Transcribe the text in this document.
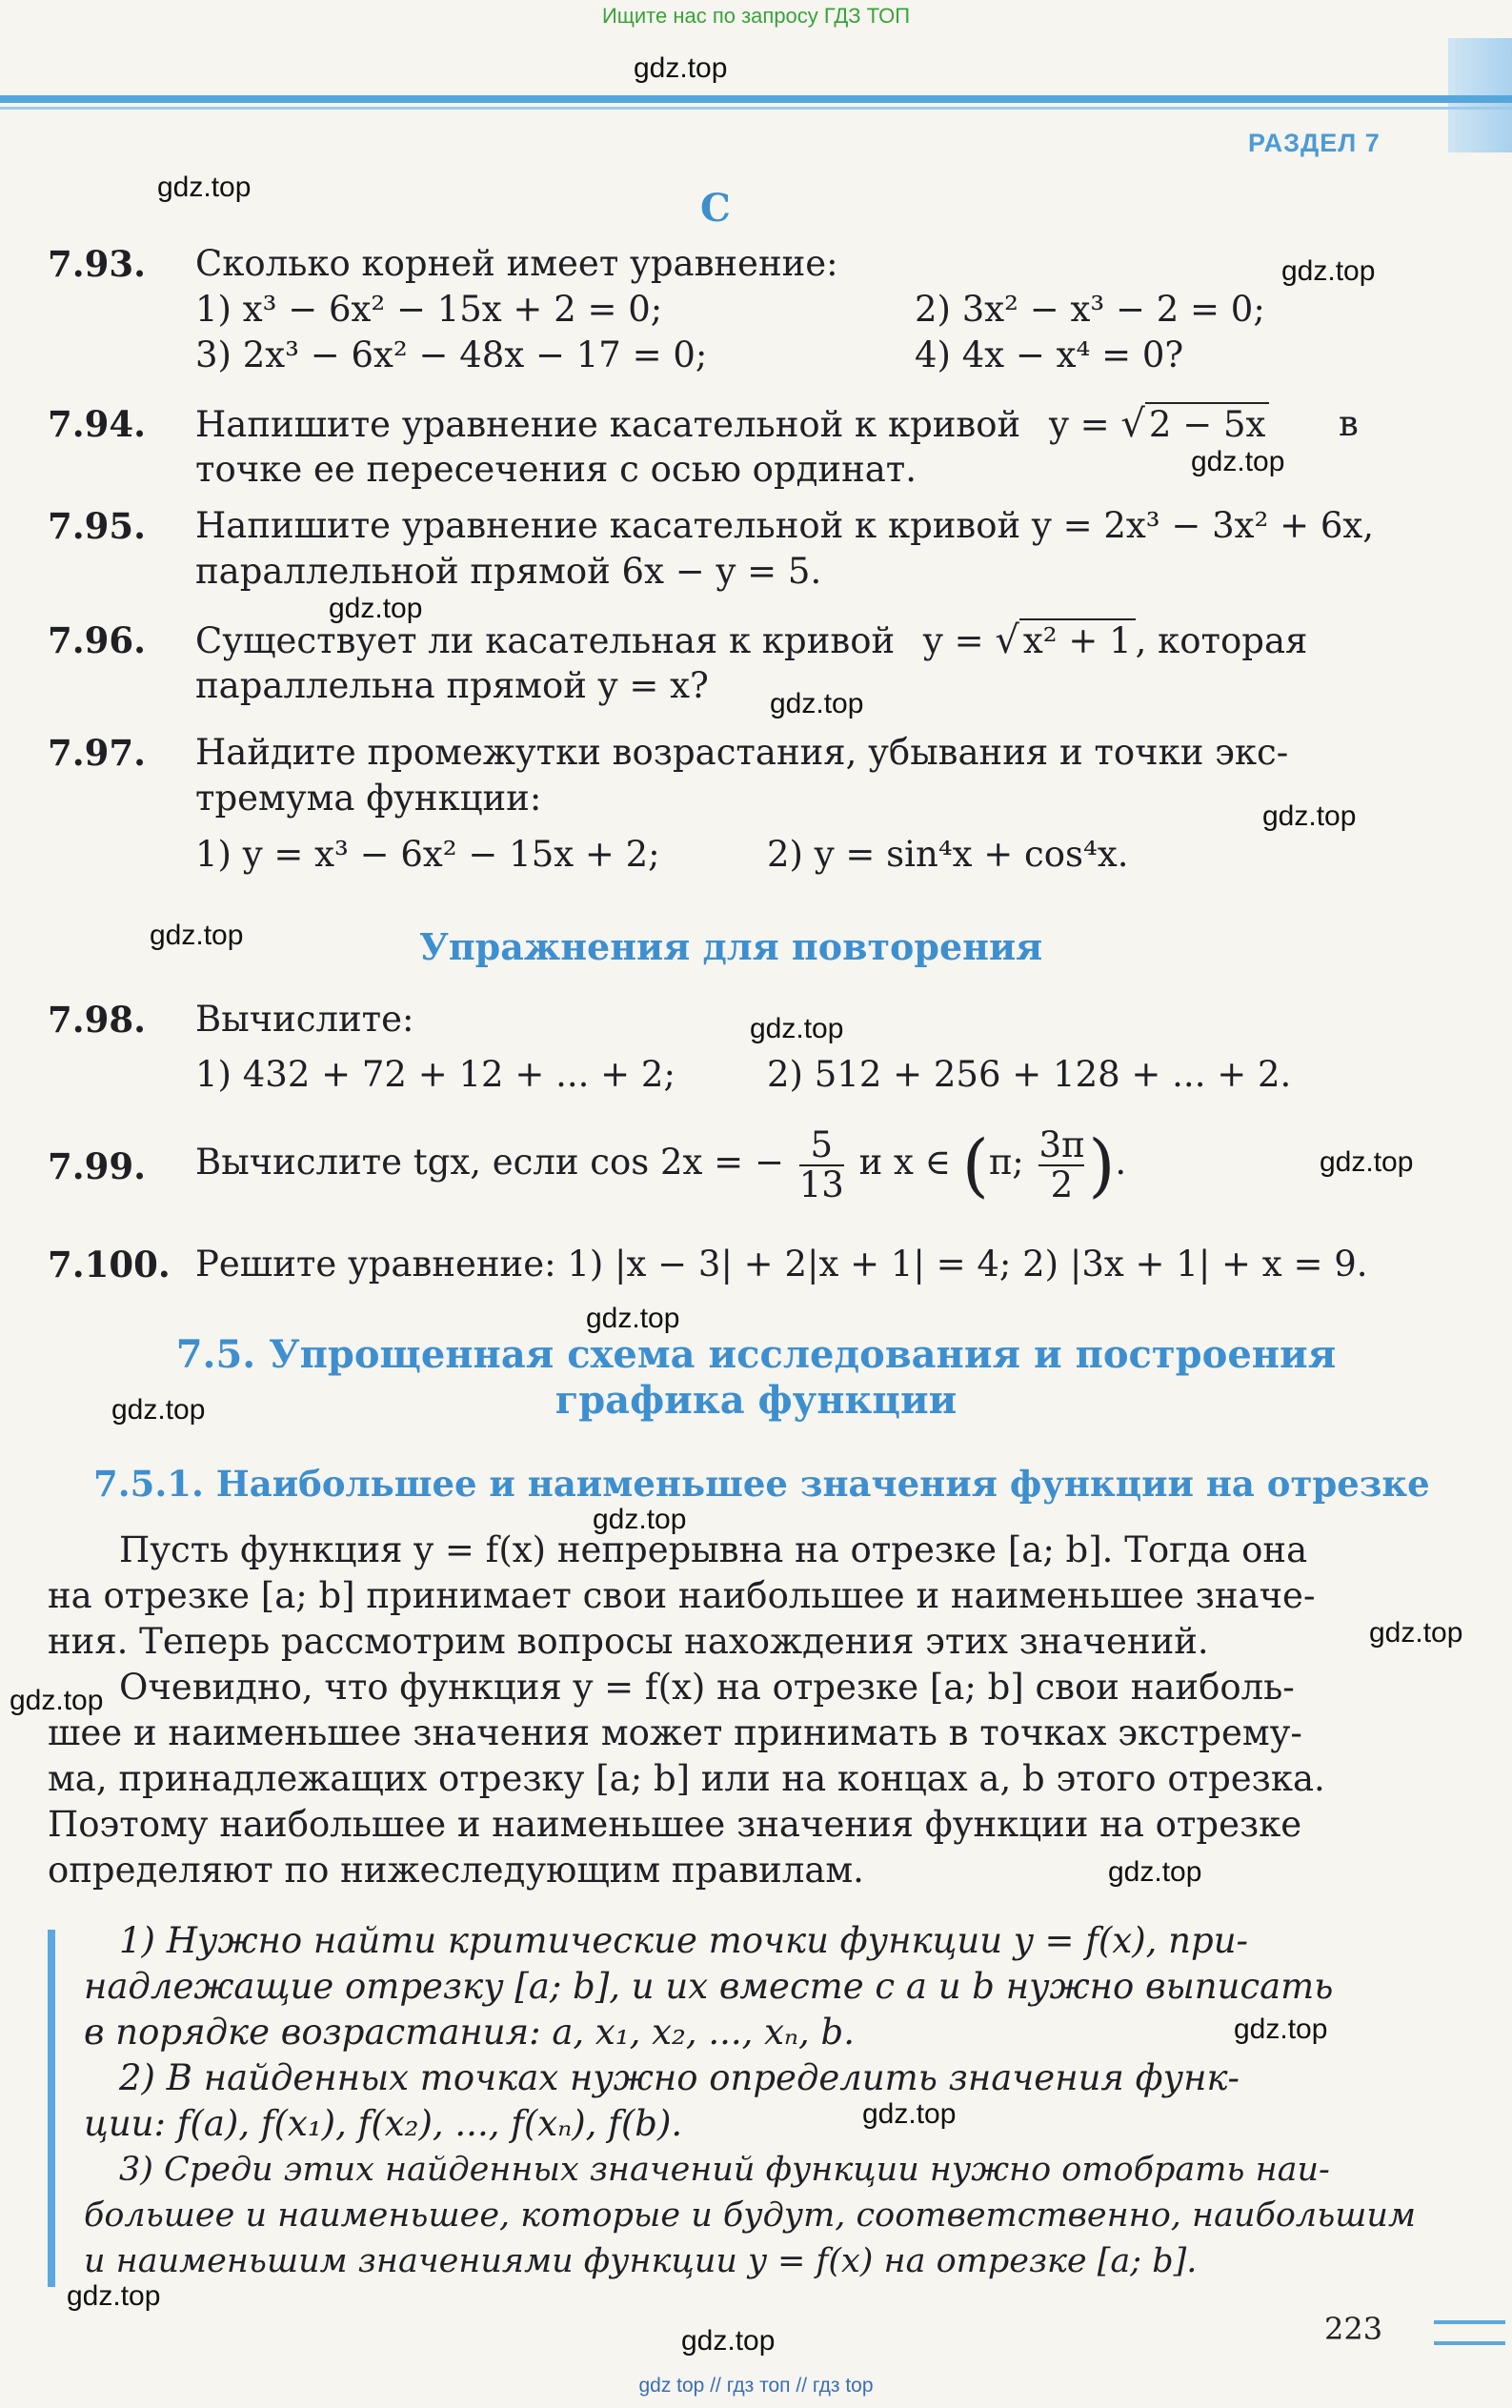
Ищите нас по запросу ГДЗ ТОП
РАЗДЕЛ 7
C
7.93. Сколько корней имеет уравнение:
1) x³ − 6x² − 15x + 2 = 0;	2) 3x² − x³ − 2 = 0;
3) 2x³ − 6x² − 48x − 17 = 0;	4) 4x − x⁴ = 0?
7.94. Напишите уравнение касательной к кривой y = √ 2 − 5x в
точке ее пересечения с осью ординат.
7.95. Напишите уравнение касательной к кривой y = 2x³ − 3x² + 6x,
параллельной прямой 6x − y = 5.
7.96. Существует ли касательная к кривой y = √ x² + 1 , которая
параллельна прямой y = x?
7.97. Найдите промежутки возрастания, убывания и точки экс-
тремума функции:
1) y = x³ − 6x² − 15x + 2;	2) y = sin⁴x + cos⁴x.
Упражнения для повторения
7.98. Вычислите:
1) 432 + 72 + 12 + ... + 2;	2) 512 + 256 + 128 + ... + 2.
7.99. Вычислите tgx, если cos 2x = − $\frac{5}{13}$ и x ∈ (π; $\frac{3\pi}{2}$ ).
7.100. Решите уравнение: 1) |x − 3| + 2|x + 1| = 4; 2) |3x + 1| + x = 9.
7.5. Упрощенная схема исследования и построения
графика функции
7.5.1. Наибольшее и наименьшее значения функции на отрезке
Пусть функция y = f(x) непрерывна на отрезке [a; b]. Тогда она
на отрезке [a; b] принимает свои наибольшее и наименьшее значе-
ния. Теперь рассмотрим вопросы нахождения этих значений.
Очевидно, что функция y = f(x) на отрезке [a; b] свои наиболь-
шее и наименьшее значения может принимать в точках экстрему-
ма, принадлежащих отрезку [a; b] или на концах a, b этого отрезка.
Поэтому наибольшее и наименьшее значения функции на отрезке
определяют по нижеследующим правилам.
1) Нужно найти критические точки функции y = f(x), при-
надлежащие отрезку [a; b], и их вместе с a и b нужно выписать
в порядке возрастания: a, x₁, x₂, ..., xₙ, b.
2) В найденных точках нужно определить значения функ-
ции: f(a), f(x₁), f(x₂), ..., f(xₙ), f(b).
3) Среди этих найденных значений функции нужно отобрать наи-
большее и наименьшее, которые и будут, соответственно, наибольшим
и наименьшим значениями функции y = f(x) на отрезке [a; b].
223
gdz.top
gdz.top
gdz.top
gdz.top
gdz.top
gdz.top
gdz.top
gdz.top
gdz.top
gdz.top
gdz.top
gdz.top
gdz.top
gdz.top
gdz.top
gdz.top
gdz.top
gdz.top
gdz.top
gdz.top
gdz top // гдз топ // гдз top
